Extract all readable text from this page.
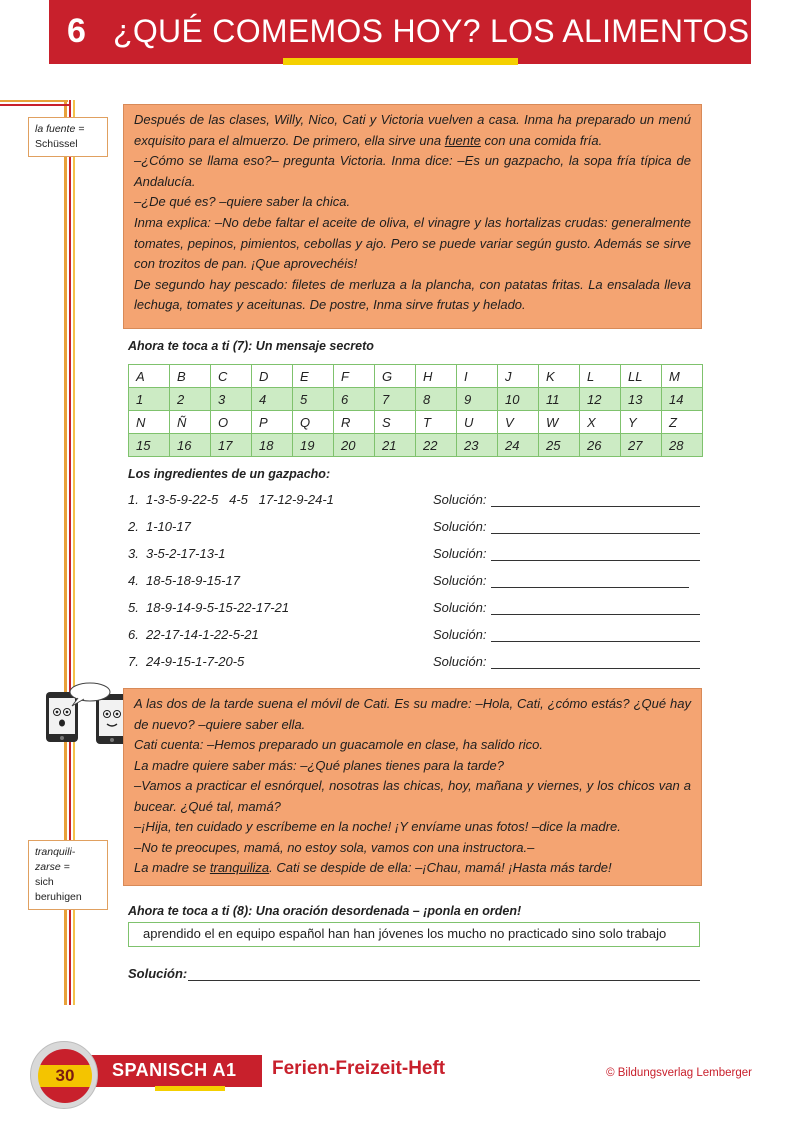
6 ¿QUÉ COMEMOS HOY? LOS ALIMENTOS
la fuente =
Schüssel

Después de las clases, Willy, Nico, Cati y Victoria vuelven a casa. Inma ha preparado un menú exquisito para el almuerzo. De primero, ella sirve una fuente con una comida fría.

–¿Cómo se llama eso?– pregunta Victoria. Inma dice: –Es un gazpacho, la sopa fría típica de Andalucía.

–¿De qué es? –quiere saber la chica.

Inma explica: –No debe faltar el aceite de oliva, el vinagre y las hortalizas crudas: generalmente tomates, pepinos, pimientos, cebollas y ajo. Pero se puede variar según gusto. Además se sirve con trozitos de pan. ¡Que aprovechéis!

De segundo hay pescado: filetes de merluza a la plancha, con patatas fritas. La ensalada lleva lechuga, tomates y aceitunas. De postre, Inma sirve frutas y helado.

Ahora te toca a ti (7): Un mensaje secreto
A	B	C	D	E	F	G	H	I	J	K	L	LL	M
1	2	3	4	5	6	7	8	9	10	11	12	13	14
N	Ñ	O	P	Q	R	S	T	U	V	W	X	Y	Z
15	16	17	18	19	20	21	22	23	24	25	26	27	28
Los ingredientes de un gazpacho:
1. 1-3-5-9-22-5   4-5   17-12-9-24-1	Solución:
2. 1-10-17	Solución:
3. 3-5-2-17-13-1	Solución:
4. 18-5-18-9-15-17	Solución:
5. 18-9-14-9-5-15-22-17-21	Solución:
6. 22-17-14-1-22-5-21	Solución:
7. 24-9-15-1-7-20-5	Solución:
tranquili-
zarse =
sich
beruhigen

A las dos de la tarde suena el móvil de Cati. Es su madre: –Hola, Cati, ¿cómo estás? ¿Qué hay de nuevo? –quiere saber ella.

Cati cuenta: –Hemos preparado un guacamole en clase, ha salido rico.

La madre quiere saber más: –¿Qué planes tienes para la tarde?

–Vamos a practicar el esnórquel, nosotras las chicas, hoy, mañana y viernes, y los chicos van a bucear. ¿Qué tal, mamá?

–¡Hija, ten cuidado y escríbeme en la noche! ¡Y envíame unas fotos! –dice la madre.

–No te preocupes, mamá, no estoy sola, vamos con una instructora.–

La madre se tranquiliza. Cati se despide de ella: –¡Chau, mamá! ¡Hasta más tarde!

Ahora te toca a ti (8): Una oración desordenada – ¡ponla en orden!
aprendido el en equipo español han han jóvenes los mucho no practicado sino solo trabajo
Solución:
SPANISCH A1
30	Ferien-Freizeit-Heft	© Bildungsverlag Lemberger
